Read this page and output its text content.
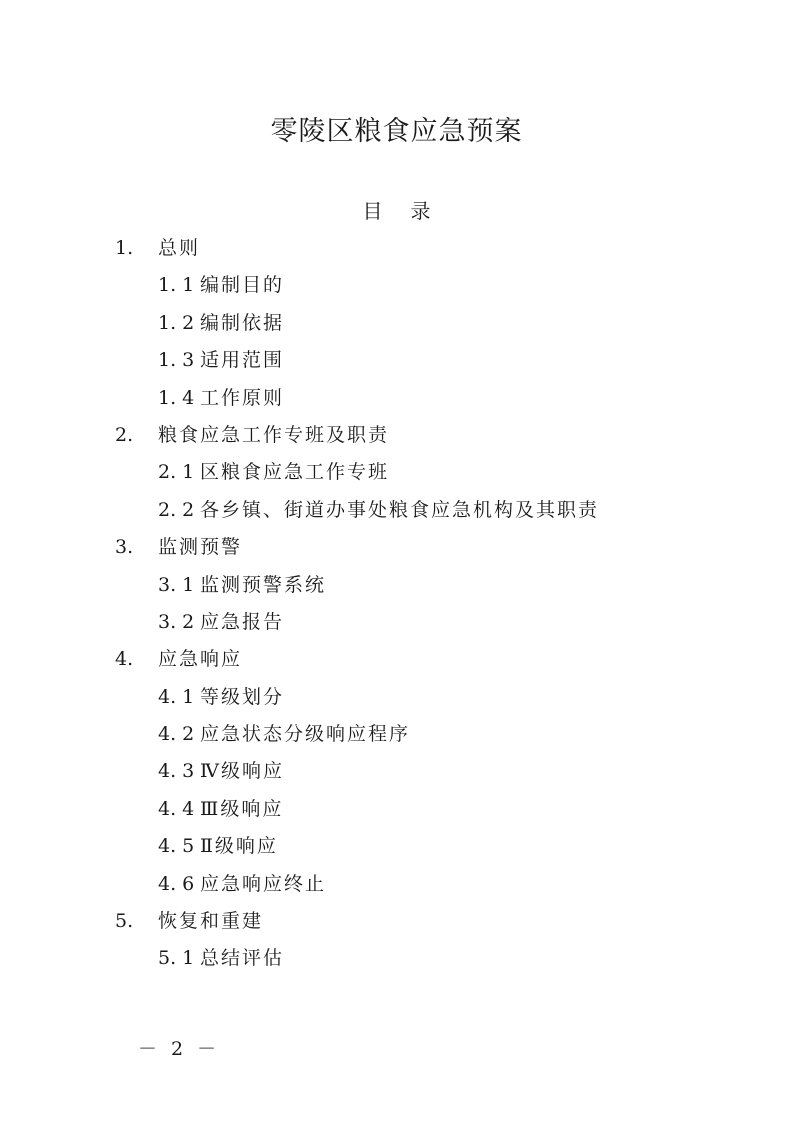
零陵区粮食应急预案
目 录
1. 总则
1. 1 编制目的
1. 2 编制依据
1. 3 适用范围
1. 4 工作原则
2. 粮食应急工作专班及职责
2. 1 区粮食应急工作专班
2. 2 各乡镇、街道办事处粮食应急机构及其职责
3. 监测预警
3. 1 监测预警系统
3. 2 应急报告
4. 应急响应
4. 1 等级划分
4. 2 应急状态分级响应程序
4. 3 Ⅳ级响应
4. 4 Ⅲ级响应
4. 5 Ⅱ级响应
4. 6 应急响应终止
5. 恢复和重建
5. 1 总结评估
－ 2 －
